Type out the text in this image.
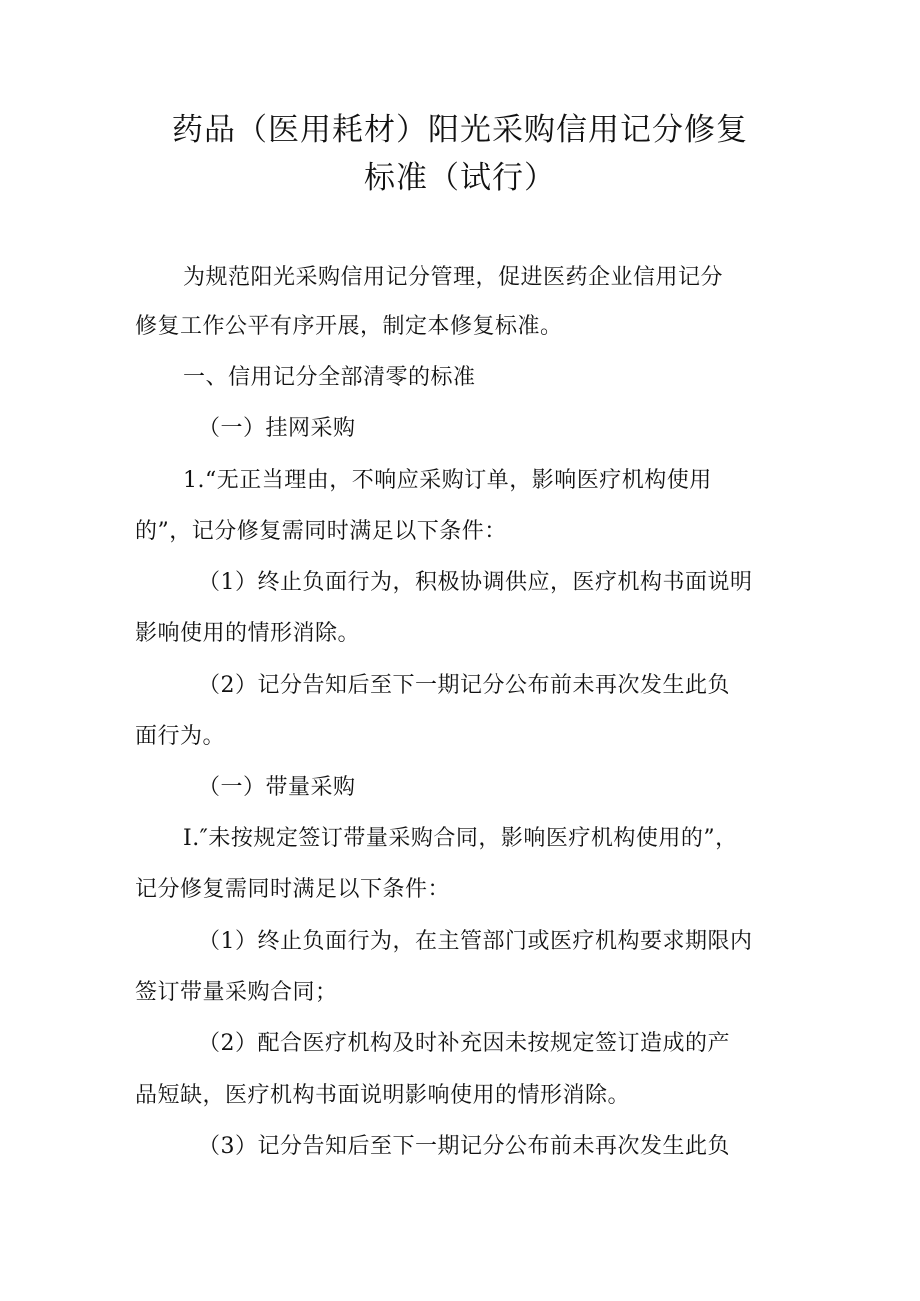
药品（医用耗材）阳光采购信用记分修复
标准（试行）
为规范阳光采购信用记分管理，促进医药企业信用记分
修复工作公平有序开展，制定本修复标准。
一、信用记分全部清零的标准
（一）挂网采购
1.“无正当理由，不响应采购订单，影响医疗机构使用
的”，记分修复需同时满足以下条件：
（1）终止负面行为，积极协调供应，医疗机构书面说明
影响使用的情形消除。
（2）记分告知后至下一期记分公布前未再次发生此负
面行为。
（一）带量采购
I.″未按规定签订带量采购合同，影响医疗机构使用的”，
记分修复需同时满足以下条件：
（1）终止负面行为，在主管部门或医疗机构要求期限内
签订带量采购合同；
（2）配合医疗机构及时补充因未按规定签订造成的产
品短缺，医疗机构书面说明影响使用的情形消除。
（3）记分告知后至下一期记分公布前未再次发生此负
